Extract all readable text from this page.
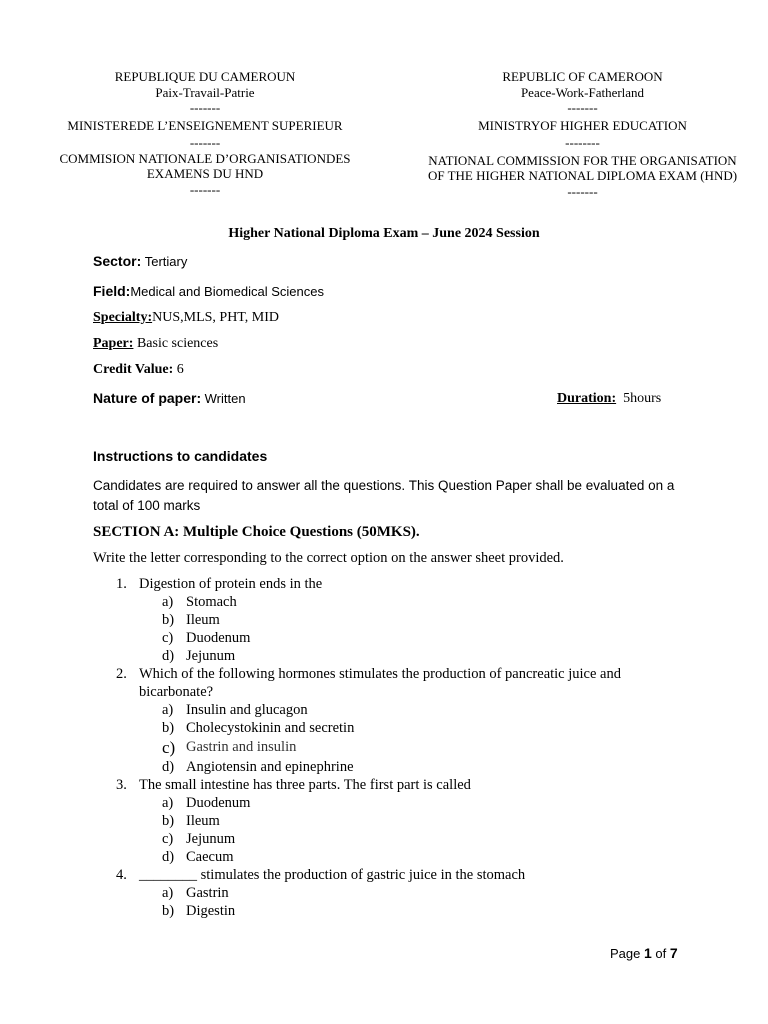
REPUBLIQUE DU CAMEROUN
Paix-Travail-Patrie
-------
MINISTEREDE L’ENSEIGNEMENT SUPERIEUR
-------
COMMISION NATIONALE D’ORGANISATIONDES
EXAMENS DU HND
-------
REPUBLIC OF CAMEROON
Peace-Work-Fatherland
-------
MINISTRYOF HIGHER EDUCATION
--------
NATIONAL COMMISSION FOR THE ORGANISATION
OF THE HIGHER NATIONAL DIPLOMA EXAM (HND)
-------
Higher National Diploma Exam – June 2024 Session
Sector: Tertiary
Field:Medical and Biomedical Sciences
Specialty:NUS,MLS, PHT, MID
Paper: Basic sciences
Credit Value: 6
Nature of paper: Written	Duration: 5hours
Instructions to candidates
Candidates are required to answer all the questions. This Question Paper shall be evaluated on a total of 100 marks
SECTION A: Multiple Choice Questions (50MKS).
Write the letter corresponding to the correct option on the answer sheet provided.
1. Digestion of protein ends in the
a) Stomach
b) Ileum
c) Duodenum
d) Jejunum
2. Which of the following hormones stimulates the production of pancreatic juice and
bicarbonate?
a) Insulin and glucagon
b) Cholecystokinin and secretin
c) Gastrin and insulin
d) Angiotensin and epinephrine
3. The small intestine has three parts. The first part is called
a) Duodenum
b) Ileum
c) Jejunum
d) Caecum
4. ________ stimulates the production of gastric juice in the stomach
a) Gastrin
b) Digestin
Page 1 of 7
